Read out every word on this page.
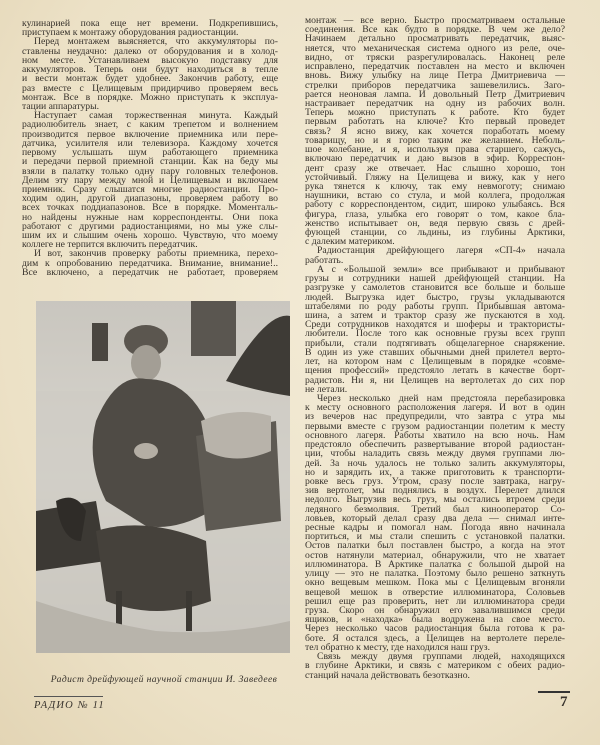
кулинарией пока еще нет времени. Подкрепившись,
приступаем к монтажу оборудования радиостанции.
Перед монтажем выясняется, что аккумуляторы по-
ставлены неудачно: далеко от оборудования и в холод-
ном месте. Устанавливаем высокую подставку для
аккумуляторов. Теперь они будут находиться в тепле
и вести монтаж будет удобнее. Закончив работу, еще
раз вместе с Целищевым придирчиво проверяем весь
монтаж. Все в порядке. Можно приступать к эксплуа-
тации аппаратуры.
Наступает самая торжественная минута. Каждый
радиолюбитель знает, с каким трепетом и волнением
производится первое включение приемника или пере-
датчика, усилителя или телевизора. Каждому хочется
первому услышать шум работающего приемника
и передачи первой приемной станции. Как на беду мы
взяли в палатку только одну пару головных телефонов.
Делим эту пару между мной и Целищевым и включаем
приемник. Сразу слышатся многие радиостанции. Про-
ходим один, другой диапазоны, проверяем работу во
всех точках поддиапазонов. Все в порядке. Моменталь-
но найдены нужные нам корреспонденты. Они пока
работают с другими радиостанциями, но мы уже слы-
шим их и слышим очень хорошо. Чувствую, что моему
коллеге не терпится включить передатчик.
И вот, закончив проверку работы приемника, перехо-
дим к опробованию передатчика. Внимание, внимание!..
Все включено, а передатчик не работает, проверяем
монтаж — все верно. Быстро просматриваем остальные
соединения. Все как будто в порядке. В чем же дело?
Начинаем детально просматривать передатчик, выяс-
няется, что механическая система одного из реле, оче-
видно, от тряски разрегулировалась. Наконец реле
исправлено, передатчик поставлен на место и включен
вновь. Вижу улыбку на лице Петра Дмитриевича —
стрелки приборов передатчика зашевелились. Заго-
рается неоновая лампа. И довольный Петр Дмитриевич
настраивает передатчик на одну из рабочих волн.
Теперь можно приступать к работе. Кто будет
первым работать на ключе? Кто первый проведет
связь? Я ясно вижу, как хочется поработать моему
товарищу, но и я горю таким же желанием. Неболь-
шое колебание, и я, используя права старшего, сажусь,
включаю передатчик и даю вызов в эфир. Корреспон-
дент сразу же отвечает. Нас слышно хорошо, тон
устойчивый. Гляжу на Целищева и вижу, как у него
рука тянется к ключу, так ему невмоготу; снимаю
наушники, встаю со стула, и мой коллега, продолжая
работу с корреспондентом, сидит, широко улыбаясь. Вся
фигура, глаза, улыбка его говорят о том, какое бла-
женство испытывает он, ведя первую связь с дрей-
фующей станции, со льдины, из глубины Арктики,
с далеким материком.
Радиостанция дрейфующего лагеря «СП-4» начала
работать.
А с «Большой земли» все прибывают и прибывают
грузы и сотрудники нашей дрейфующей станции. На
разгрузке у самолетов становится все больше и больше
людей. Выгрузка идет быстро, грузы укладываются
штабелями по роду работы групп. Прибывшая автома-
шина, а затем и трактор сразу же пускаются в ход.
Среди сотрудников находятся и шоферы и трактористы-
любители. После того как основные грузы всех групп
прибыли, стали подтягивать общелагерное снаряжение.
В один из уже ставших обычными дней прилетел верто-
лет, на котором нам с Целищевым в порядке «совме-
щения профессий» предстояло летать в качестве борт-
радистов. Ни я, ни Целищев на вертолетах до сих пор
не летали.
Через несколько дней нам предстояла перебазировка
к месту основного расположения лагеря. И вот в один
из вечеров нас предупредили, что завтра с утра мы
первыми вместе с грузом радиостанции полетим к месту
основного лагеря. Работы хватило на всю ночь. Нам
предстояло обеспечить развертывание второй радиостан-
ции, чтобы наладить связь между двумя группами лю-
дей. За ночь удалось не только залить аккумуляторы,
но и зарядить их, а также приготовить к транспорти-
ровке весь груз. Утром, сразу после завтрака, нагру-
зив вертолет, мы поднялись в воздух. Перелет длился
недолго. Выгрузив весь груз, мы остались втроем среди
ледяного безмолвия. Третий был кинооператор Со-
ловьев, который делал сразу два дела — снимал инте-
ресные кадры и помогал нам. Погода явно начинала
портиться, и мы стали спешить с установкой палатки.
Остов палатки был поставлен быстро, а когда на этот
остов натянули материал, обнаружили, что не хватает
иллюминатора. В Арктике палатка с большой дырой на
улицу — это не палатка. Поэтому было решено заткнуть
окно вещевым мешком. Пока мы с Целищевым вгоняли
вещевой мешок в отверстие иллюминатора, Соловьев
решил еще раз проверить, нет ли иллюминатора среди
груза. Скоро он обнаружил его завалившимся среди
ящиков, и «находка» была водружена на свое место.
Через несколько часов радиостанция была готова к ра-
боте. Я остался здесь, а Целищев на вертолете переле-
тел обратно к месту, где находился наш груз.
Связь между двумя группами людей, находящихся
в глубине Арктики, и связь с материком с обеих радио-
станций начала действовать безотказно.
Радист дрейфующей научной станции И. Заведеев
РАДИО № 11	7
